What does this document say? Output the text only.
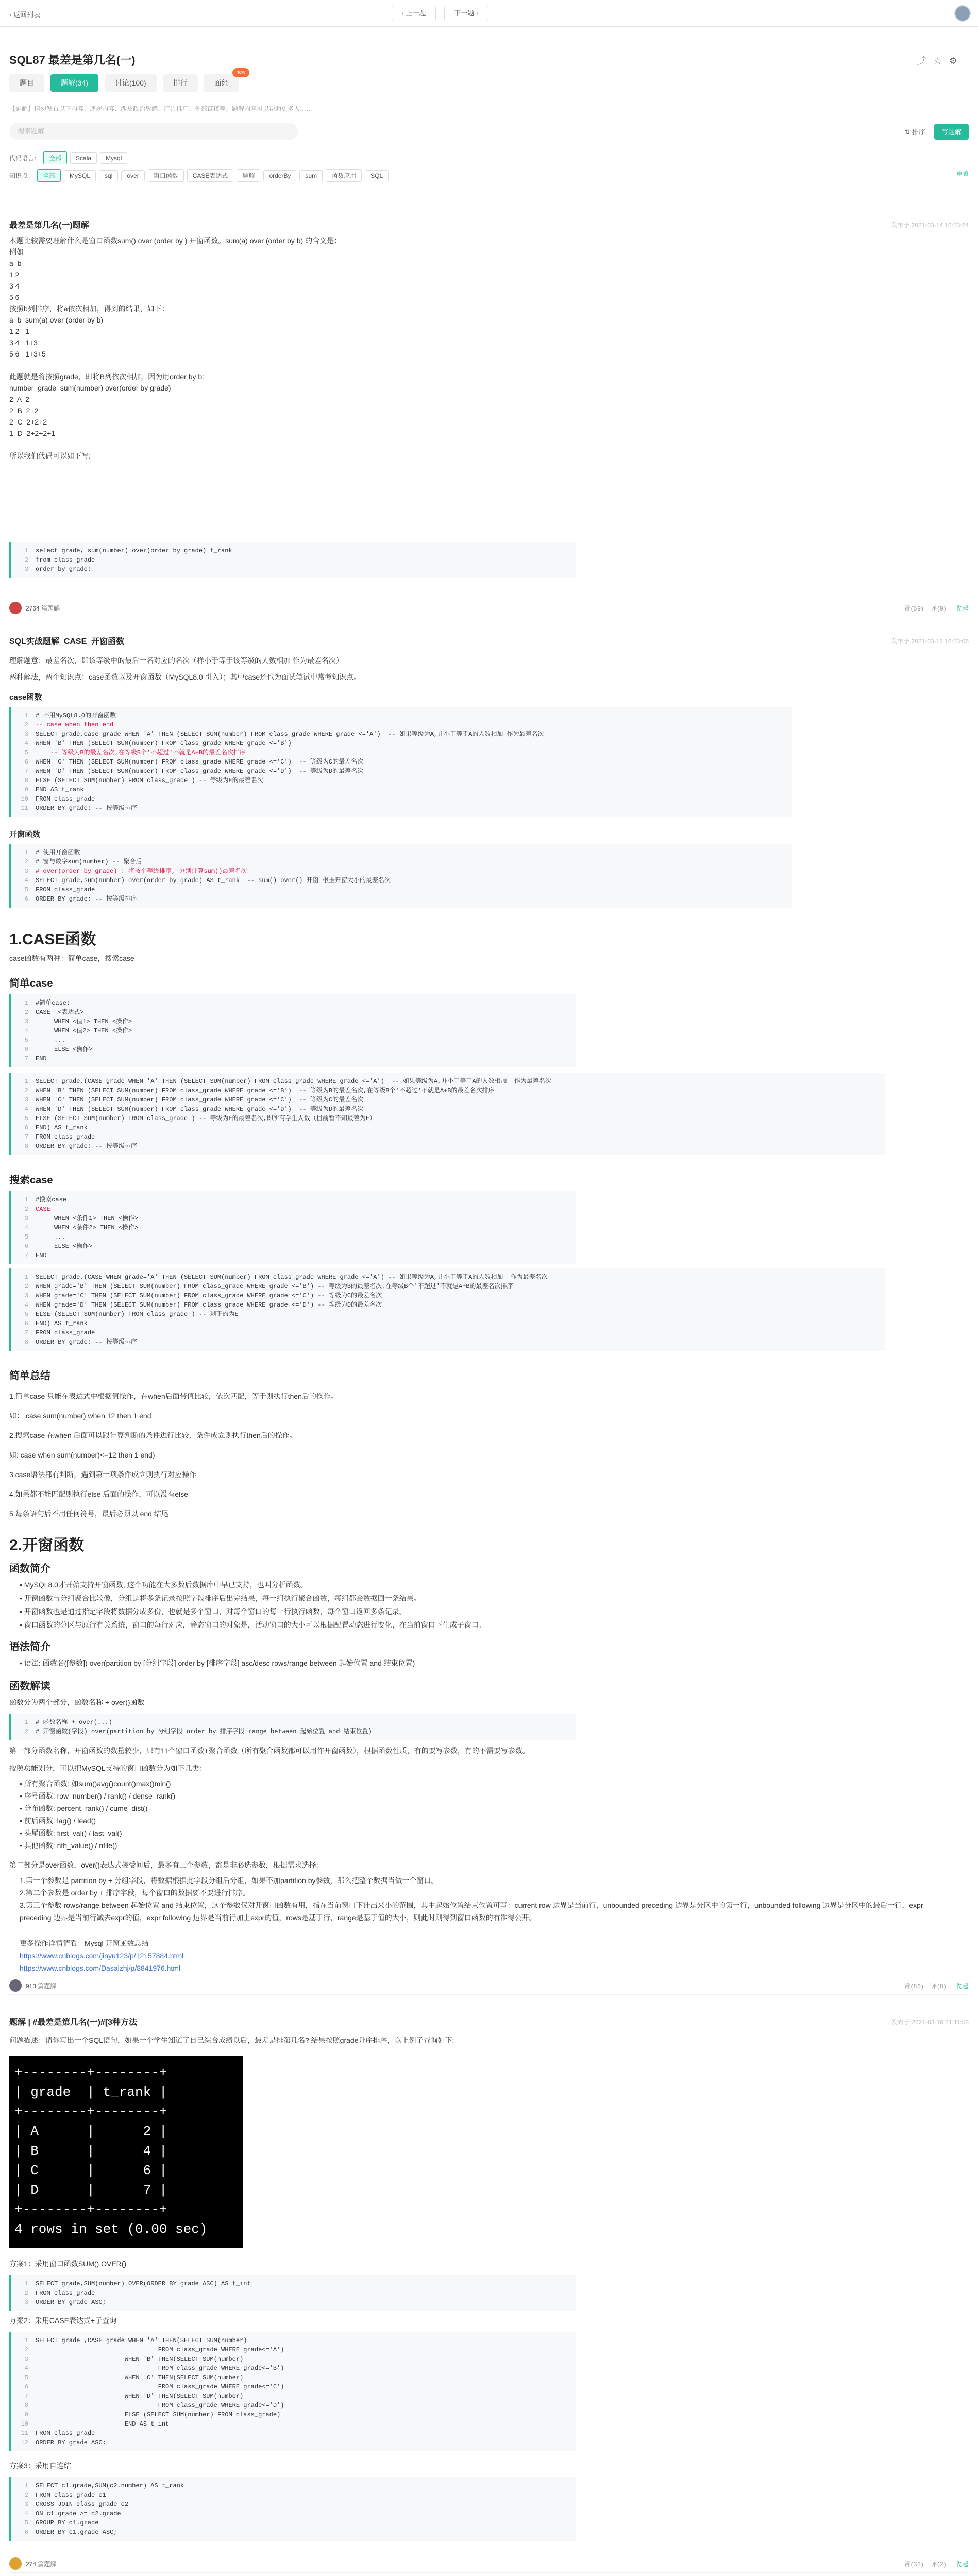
‹ 返回列表	‹ 上一题	下一题 ›
SQL87 最差是第几名(一)	⤴☆⚙
题目	题解(34)	讨论(100)	排行	面经
new
【题解】请勿发布以下内容：违规内容、涉及政治敏感、广告推广、外部链接等。题解内容可以帮助更多人……
搜索题解	⇅ 排序	写题解
代码语言：	全部	Scala	Mysql
知识点：	全部	MySQL	sql	over	窗口函数	CASE表达式	题解	orderBy	sum	函数应用	SQL	重置
最差是第几名(一)题解	发布于 2021-03-14 10:23:24
本题比较需要理解什么是窗口函数sum() over (order by ) 开窗函数。sum(a) over (order by b) 的含义是：
例如
a  b
1 2
3 4
5 6
按照b列排序，将a依次相加，得到的结果，如下：
a  b  sum(a) over (order by b)
1 2   1
3 4   1+3
5 6   1+3+5

此题就是将按照grade，即将B列依次相加，因为用order by b:
number  grade  sum(number) over(order by grade)
2  A  2
2  B  2+2
2  C  2+2+2
1  D  2+2+2+1

所以我们代码可以如下写:
select grade, sum(number) over(order by grade) t_rank
from class_grade
order by grade;
1
2
3
2764 篇题解	赞(59) 评(9) 收起
SQL实战题解_CASE_开窗函数	发布于 2021-03-18 16:23:06
理解题意：最差名次，即该等级中的最后一名对应的名次（样小于等于该等级的人数相加 作为最差名次）
两种解法，两个知识点：case函数以及开窗函数（MySQL8.0 引入）；其中case还也为面试笔试中常考知识点。
case函数
# 不用MySQL8.0的开窗函数
-- case when then end
SELECT grade,case grade WHEN 'A' THEN (SELECT SUM(number) FROM class_grade WHERE grade <='A')  -- 如果等级为A,并小于等于A的人数相加 作为最差名次
WHEN 'B' THEN (SELECT SUM(number) FROM class_grade WHERE grade <='B')
-- 等级为B的最差名次,在等级B个'不超过'不就是A+B的最差名次排序
WHEN 'C' THEN (SELECT SUM(number) FROM class_grade WHERE grade <='C')  -- 等级为C的最差名次
WHEN 'D' THEN (SELECT SUM(number) FROM class_grade WHERE grade <='D')  -- 等级为D的最差名次
ELSE (SELECT SUM(number) FROM class_grade ) -- 等级为E的最差名次
END AS t_rank
FROM class_grade
ORDER BY grade; -- 按等级排序
1
2
3
4
5
6
7
8
9
10
11
开窗函数
# 使用开窗函数
# 窗与数字sum(number) -- 聚合后
# over(order by grade) : 将按个等级排序, 分别计算sum()最差名次
SELECT grade,sum(number) over(order by grade) AS t_rank  -- sum() over() 开窗 根据开窗大小的最差名次
FROM class_grade
ORDER BY grade; -- 按等级排序
1
2
3
4
5
6
1.CASE函数
case函数有两种：简单case，搜索case
简单case
#简单case:
CASE  <表达式>
WHEN <值1> THEN <操作>
WHEN <值2> THEN <操作>
...
ELSE <操作>
END
1
2
3
4
5
6
7
SELECT grade,(CASE grade WHEN 'A' THEN (SELECT SUM(number) FROM class_grade WHERE grade <='A')  -- 如果等级为A,并小于等于A的人数相加  作为最差名次
WHEN 'B' THEN (SELECT SUM(number) FROM class_grade WHERE grade <='B')  -- 等级为B的最差名次,在等级B个'不超过'不就是A+B的最差名次排序
WHEN 'C' THEN (SELECT SUM(number) FROM class_grade WHERE grade <='C')  -- 等级为C的最差名次
WHEN 'D' THEN (SELECT SUM(number) FROM class_grade WHERE grade <='D')  -- 等级为D的最差名次
ELSE (SELECT SUM(number) FROM class_grade ) -- 等级为E的最差名次,即所有学生人数（目前暂不知最差为E）
END) AS t_rank
FROM class_grade
ORDER BY grade; -- 按等级排序
1
2
3
4
5
6
7
8
搜索case
#搜索case
CASE
WHEN <条件1> THEN <操作>
WHEN <条件2> THEN <操作>
...
ELSE <操作>
END
1
2
3
4
5
6
7
SELECT grade,(CASE WHEN grade='A' THEN (SELECT SUM(number) FROM class_grade WHERE grade <='A') -- 如果等级为A,并小于等于A的人数相加  作为最差名次
WHEN grade='B' THEN (SELECT SUM(number) FROM class_grade WHERE grade <='B') -- 等级为B的最差名次,在等级B个'不超过'不就是A+B的最差名次排序
WHEN grade='C' THEN (SELECT SUM(number) FROM class_grade WHERE grade <='C') -- 等级为C的最差名次
WHEN grade='D' THEN (SELECT SUM(number) FROM class_grade WHERE grade <='D') -- 等级为D的最差名次
ELSE (SELECT SUM(number) FROM class_grade ) -- 剩下的为E
END) AS t_rank
FROM class_grade
ORDER BY grade; -- 按等级排序
1
2
3
4
5
6
7
8
简单总结
1.简单case 只能在表达式中根据值操作，在when后面带值比较，依次匹配，等于则执行then后的操作。
如： case sum(number) when 12 then 1 end
2.搜索case 在when 后面可以跟计算判断的条件进行比较，条件成立则执行then后的操作。
如: case when sum(number)<=12 then 1 end)
3.case语法都有判断，遇到第一项条件成立则执行对应操作
4.如果都不能匹配则执行else 后面的操作，可以没有else
5.每条语句后不用任何符号，最后必须以 end 结尾
2.开窗函数
函数简介
• MySQL8.0才开始支持开窗函数, 这个功能在大多数后数据库中早已支持，也叫分析函数。
• 开窗函数与分组聚合比较像，分组是将多条记录按照字段排序后出完结果，每一组执行聚合函数，每组都会数据回一条结果。
• 开窗函数也是通过指定字段将数据分成多份，也就是多个窗口，对每个窗口的每一行执行函数，每个窗口返回多条记录。
• 窗口函数的分区与原行有关系统，窗口的每行对应，静态窗口的对象是，活动窗口的大小可以根据配置动态进行变化，在当前窗口下生成子窗口。
语法简介
• 语法: 函数名([参数]) over(partition by [分组字段] order by [排序字段] asc/desc rows/range between 起始位置 and 结束位置)
函数解读
函数分为两个部分，函数名称 + over()函数
# 函数名称 + over(...)
# 开窗函数(字段) over(partition by 分组字段 order by 排序字段 range between 起始位置 and 结束位置)
1
2
第一部分函数名称，开窗函数的数量较少，只有11个窗口函数+聚合函数（所有聚合函数都可以用作开窗函数），根据函数性质，有的要写参数，有的不需要写参数。
按照功能划分，可以把MySQL支持的窗口函数分为如下几类：
• 所有聚合函数: 如sum()avg()count()max()min()
• 序号函数: row_number() / rank() / dense_rank()
• 分布函数: percent_rank() / cume_dist()
• 前后函数: lag() / lead()
• 头尾函数: first_val() / last_val()
• 其他函数: nth_value() / nfile()
第二部分是over函数，over()表达式接受问后，最多有三个参数，都是非必选参数，根据需求选择:
1.第一个参数是 partition by + 分组字段，将数据根据此字段分组后分组，如果不加partition by参数，那么把整个数据当做一个窗口。
2.第二个参数是 order by + 排序字段，每个窗口的数据要不要进行排序。
3.第三个参数 rows/range between 起始位置 and 结束位置，这个参数仅对开窗口函数有用，指在当前窗口下计出来小的范围，其中起始位置结束位置可写：current row 边界是当前行，unbounded preceding 边界是分区中的第一行，unbounded following 边界是分区中的最后一行，expr preceding 边界是当前行减去expr的值，expr following 边界是当前行加上expr的值，rows是基于行，range是基于值的大小，则此时则得到窗口函数的有准得公开。
更多操作详情请看：Mysql 开窗函数总结
https://www.cnblogs.com/jinyu123/p/12157884.html
https://www.cnblogs.com/Dasalzhj/p/8841976.html
913 篇题解	赞(86) 评(8) 收起
题解 | #最差是第几名(一)#[3种方法	发布于 2021-03-16 21:11:58
问题描述：请你写出一个SQL语句，如果一个学生知道了自己综合成绩以后，最差是排第几名? 结果按照grade升序排序，以上例子查询如下:
+--------+--------+
| grade  | t_rank |
+--------+--------+
| A      |      2 |
| B      |      4 |
| C      |      6 |
| D      |      7 |
+--------+--------+
4 rows in set (0.00 sec)
方案1：采用窗口函数SUM() OVER()
SELECT grade,SUM(number) OVER(ORDER BY grade ASC) AS t_int
FROM class_grade
ORDER BY grade ASC;
1
2
3
方案2：采用CASE表达式+子查询
SELECT grade ,CASE grade WHEN 'A' THEN(SELECT SUM(number)
FROM class_grade WHERE grade<='A')
WHEN 'B' THEN(SELECT SUM(number)
FROM class_grade WHERE grade<='B')
WHEN 'C' THEN(SELECT SUM(number)
FROM class_grade WHERE grade<='C')
WHEN 'D' THEN(SELECT SUM(number)
FROM class_grade WHERE grade<='D')
ELSE (SELECT SUM(number) FROM class_grade)
END AS t_int
FROM class_grade
ORDER BY grade ASC;
1
2
3
4
5
6
7
8
9
10
11
12
方案3：采用自连结
SELECT c1.grade,SUM(c2.number) AS t_rank
FROM class_grade c1
CROSS JOIN class_grade c2
ON c1.grade >= c2.grade
GROUP BY c1.grade
ORDER BY c1.grade ASC;
1
2
3
4
5
6
274 篇题解	赞(33) 评(2) 收起
